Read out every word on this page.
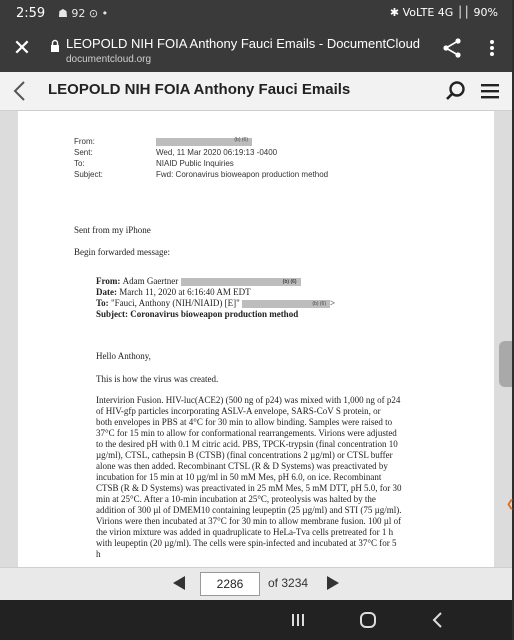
2:59 ☗ 92 ⊙ •	✱ VoLTE 4G ││ 90%
✕	LEOPOLD NIH FOIA Anthony Fauci Emails - DocumentCloud
documentcloud.org
LEOPOLD NIH FOIA Anthony Fauci Emails
From:	(b) (6)
Sent:	Wed, 11 Mar 2020 06:19:13 -0400
To:	NIAID Public Inquiries
Subject:	Fwd: Coronavirus bioweapon production method
Sent from my iPhone
Begin forwarded message:
From: Adam Gaertner	(b) (6)
Date: March 11, 2020 at 6:16:40 AM EDT
To: "Fauci, Anthony (NIH/NIAID) [E]"	(b) (6) >
Subject: Coronavirus bioweapon production method
Hello Anthony,
This is how the virus was created.
Intervirion Fusion. HIV-luc(ACE2) (500 ng of p24) was mixed with 1,000 ng of p24
of HIV-gfp particles incorporating ASLV-A envelope, SARS-CoV S protein, or
both envelopes in PBS at 4°C for 30 min to allow binding. Samples were raised to
37°C for 15 min to allow for conformational rearrangements. Virions were adjusted
to the desired pH with 0.1 M citric acid. PBS, TPCK-trypsin (final concentration 10
µg/ml), CTSL, cathepsin B (CTSB) (final concentrations 2 µg/ml) or CTSL buffer
alone was then added. Recombinant CTSL (R & D Systems) was preactivated by
incubation for 15 min at 10 µg/ml in 50 mM Mes, pH 6.0, on ice. Recombinant
CTSB (R & D Systems) was preactivated in 25 mM Mes, 5 mM DTT, pH 5.0, for 30
min at 25°C. After a 10-min incubation at 25°C, proteolysis was halted by the
addition of 300 µl of DMEM10 containing leupeptin (25 µg/ml) and STI (75 µg/ml).
Virions were then incubated at 37°C for 30 min to allow membrane fusion. 100 µl of
the virion mixture was added in quadruplicate to HeLa-Tva cells pretreated for 1 h
with leupeptin (20 µg/ml). The cells were spin-infected and incubated at 37°C for 5
h
❮
2286	of 3234
